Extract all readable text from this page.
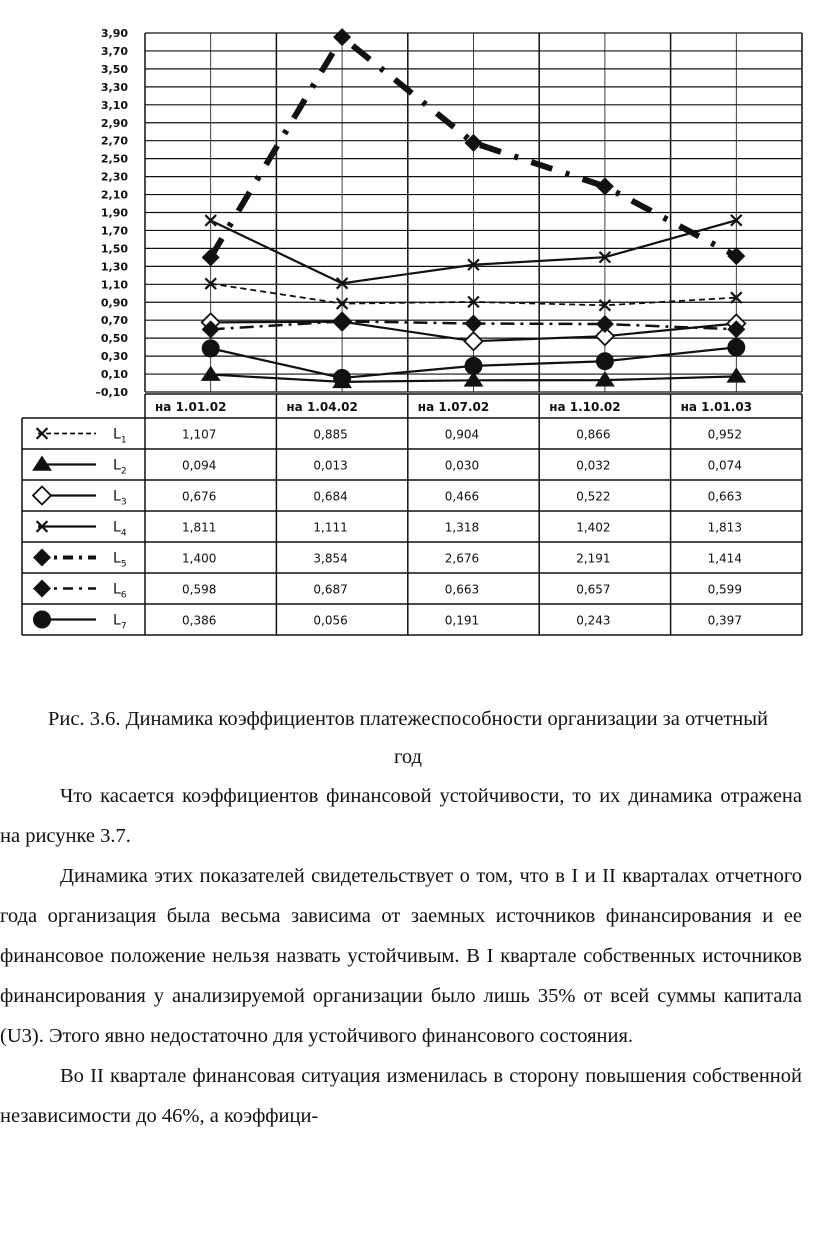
3,90
3,70
3,50
3,30
3,10
2,90
2,70
2,50
2,30
2,10
1,90
1,70
1,50
1,30
1,10
0,90
0,70
0,50
0,30
0,10
–0,10
на 1.01.02	на 1.04.02	на 1.07.02	на 1.10.02	на 1.01.03
$L_1$	1,107	0,885	0,904	0,866	0,952
$L_2$	0,094	0,013	0,030	0,032	0,074
$L_3$	0,676	0,684	0,466	0,522	0,663
$L_4$	1,811	1,111	1,318	1,402	1,813
$L_5$	1,400	3,854	2,676	2,191	1,414
$L_6$	0,598	0,687	0,663	0,657	0,599
$L_7$	0,386	0,056	0,191	0,243	0,397

Рис. 3.6. Динамика коэффициентов платежеспособности организации за отчетный год

Что касается коэффициентов финансовой устойчивости, то их динамика отражена на рисунке 3.7.

Динамика этих показателей свидетельствует о том, что в I и II кварталах отчетного года организация была весьма зависима от заемных источников финансирования и ее финансовое положение нельзя назвать устойчивым. В I квартале собственных источников финансирования у анализируемой организации было лишь 35% от всей суммы капитала (U3). Этого явно недостаточно для устойчивого финансового состояния.

Во II квартале финансовая ситуация изменилась в сторону повышения собственной независимости до 46%, а коэффици-
